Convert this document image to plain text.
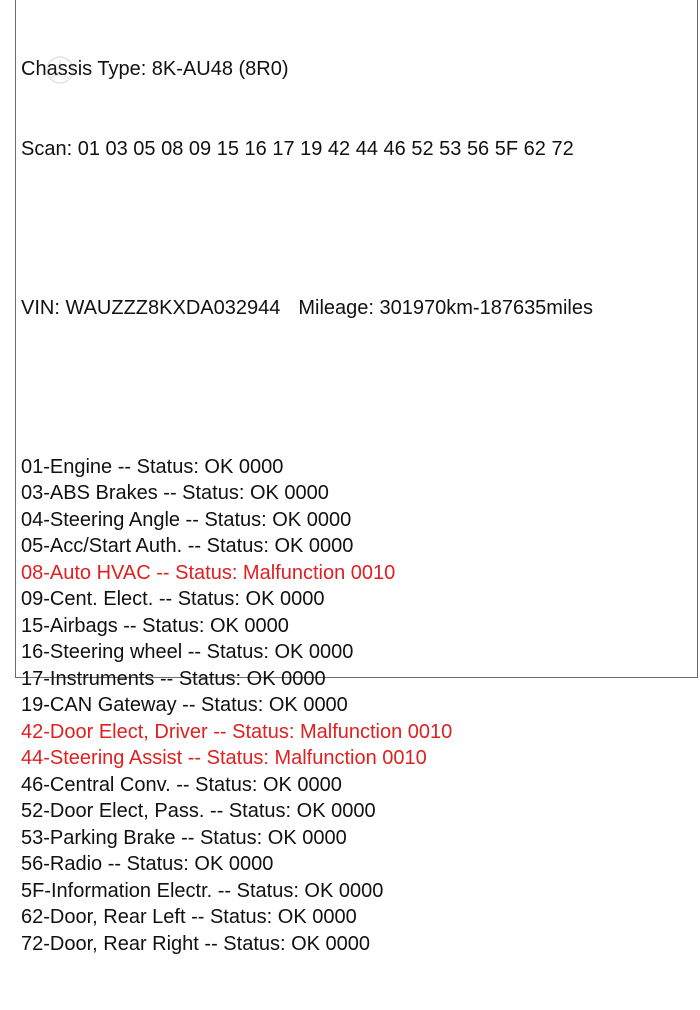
Chassis Type: 8K-AU48 (8R0)

Scan: 01 03 05 08 09 15 16 17 19 42 44 46 52 53 56 5F 62 72

VIN: WAUZZZ8KXDA032944 Mileage: 301970km-187635miles

01-Engine -- Status: OK 0000
03-ABS Brakes -- Status: OK 0000
04-Steering Angle -- Status: OK 0000
05-Acc/Start Auth. -- Status: OK 0000
08-Auto HVAC -- Status: Malfunction 0010
09-Cent. Elect. -- Status: OK 0000
15-Airbags -- Status: OK 0000
16-Steering wheel -- Status: OK 0000
17-Instruments -- Status: OK 0000
19-CAN Gateway -- Status: OK 0000
42-Door Elect, Driver -- Status: Malfunction 0010
44-Steering Assist -- Status: Malfunction 0010
46-Central Conv. -- Status: OK 0000
52-Door Elect, Pass. -- Status: OK 0000
53-Parking Brake -- Status: OK 0000
56-Radio -- Status: OK 0000
5F-Information Electr. -- Status: OK 0000
62-Door, Rear Left -- Status: OK 0000
72-Door, Rear Right -- Status: OK 0000
